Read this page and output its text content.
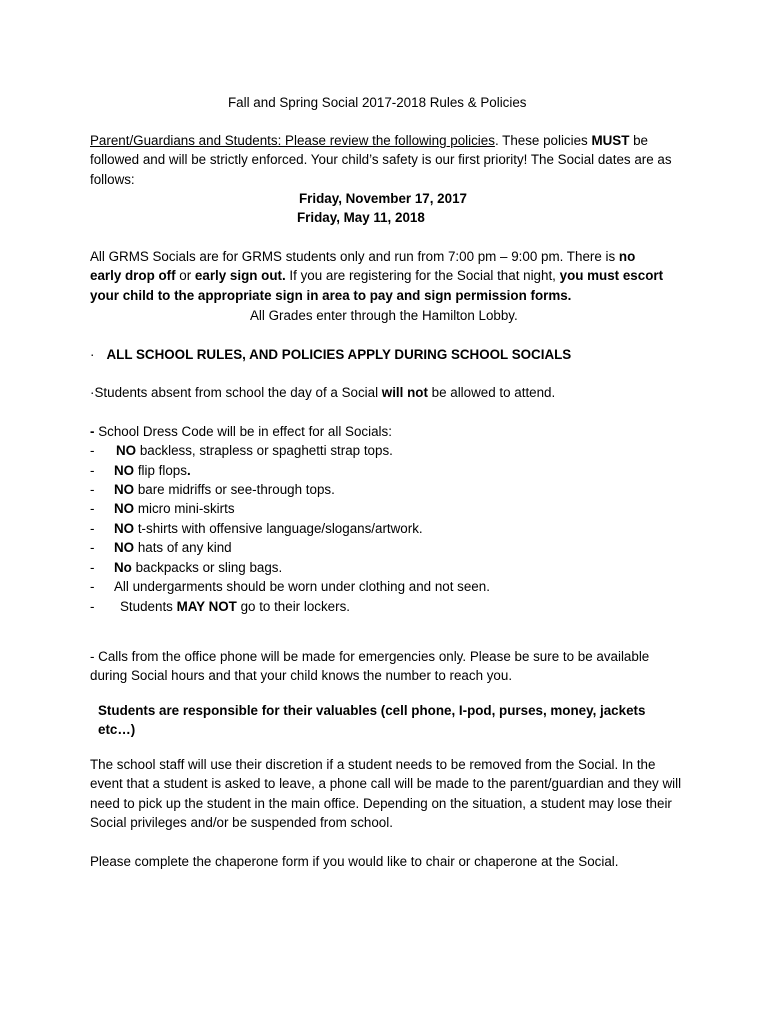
Fall and Spring Social 2017-2018 Rules & Policies
Parent/Guardians and Students: Please review the following policies. These policies MUST be followed and will be strictly enforced. Your child’s safety is our first priority! The Social dates are as follows:
Friday, November 17, 2017
Friday, May 11, 2018
All GRMS Socials are for GRMS students only and run from 7:00 pm – 9:00 pm. There is no early drop off or early sign out. If you are registering for the Social that night, you must escort your child to the appropriate sign in area to pay and sign permission forms.
All Grades enter through the Hamilton Lobby.
· ALL SCHOOL RULES, AND POLICIES APPLY DURING SCHOOL SOCIALS
·Students absent from school the day of a Social will not be allowed to attend.
- School Dress Code will be in effect for all Socials:
- NO backless, strapless or spaghetti strap tops.
- NO flip flops.
- NO bare midriffs or see-through tops.
- NO micro mini-skirts
- NO t-shirts with offensive language/slogans/artwork.
- NO hats of any kind
- No backpacks or sling bags.
- All undergarments should be worn under clothing and not seen.
- Students MAY NOT go to their lockers.
- Calls from the office phone will be made for emergencies only. Please be sure to be available during Social hours and that your child knows the number to reach you.
Students are responsible for their valuables (cell phone, I-pod, purses, money, jackets etc…)
The school staff will use their discretion if a student needs to be removed from the Social. In the event that a student is asked to leave, a phone call will be made to the parent/guardian and they will need to pick up the student in the main office. Depending on the situation, a student may lose their Social privileges and/or be suspended from school.
Please complete the chaperone form if you would like to chair or chaperone at the Social.
